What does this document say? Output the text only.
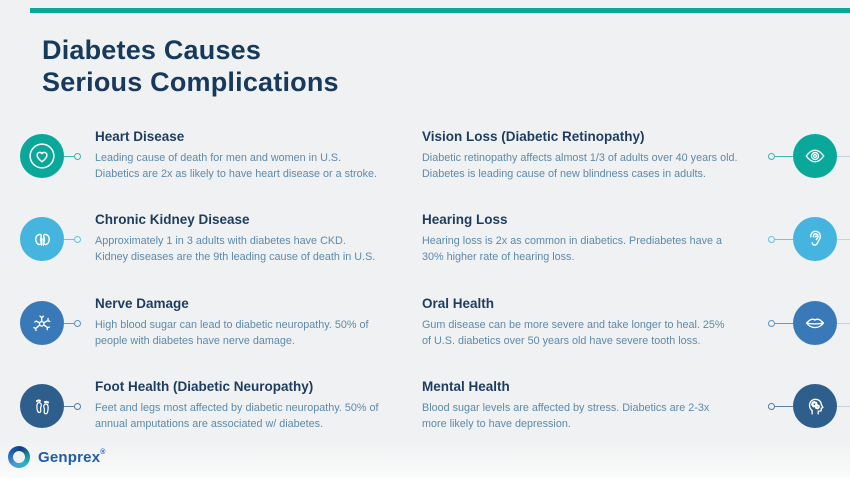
Diabetes Causes
Serious Complications

Heart Disease

Leading cause of death for men and women in U.S.
Diabetics are 2x as likely to have heart disease or a stroke.

Chronic Kidney Disease

Approximately 1 in 3 adults with diabetes have CKD.
Kidney diseases are the 9th leading cause of death in U.S.

Nerve Damage

High blood sugar can lead to diabetic neuropathy. 50% of
people with diabetes have nerve damage.

Foot Health (Diabetic Neuropathy)

Feet and legs most affected by diabetic neuropathy. 50% of
annual amputations are associated w/ diabetes.

Vision Loss (Diabetic Retinopathy)

Diabetic retinopathy affects almost 1/3 of adults over 40 years old.
Diabetes is leading cause of new blindness cases in adults.

Hearing Loss

Hearing loss is 2x as common in diabetics. Prediabetes have a
30% higher rate of hearing loss.

Oral Health

Gum disease can be more severe and take longer to heal. 25%
of U.S. diabetics over 50 years old have severe tooth loss.

Mental Health

Blood sugar levels are affected by stress. Diabetics are 2-3x
more likely to have depression.
Genprex®
